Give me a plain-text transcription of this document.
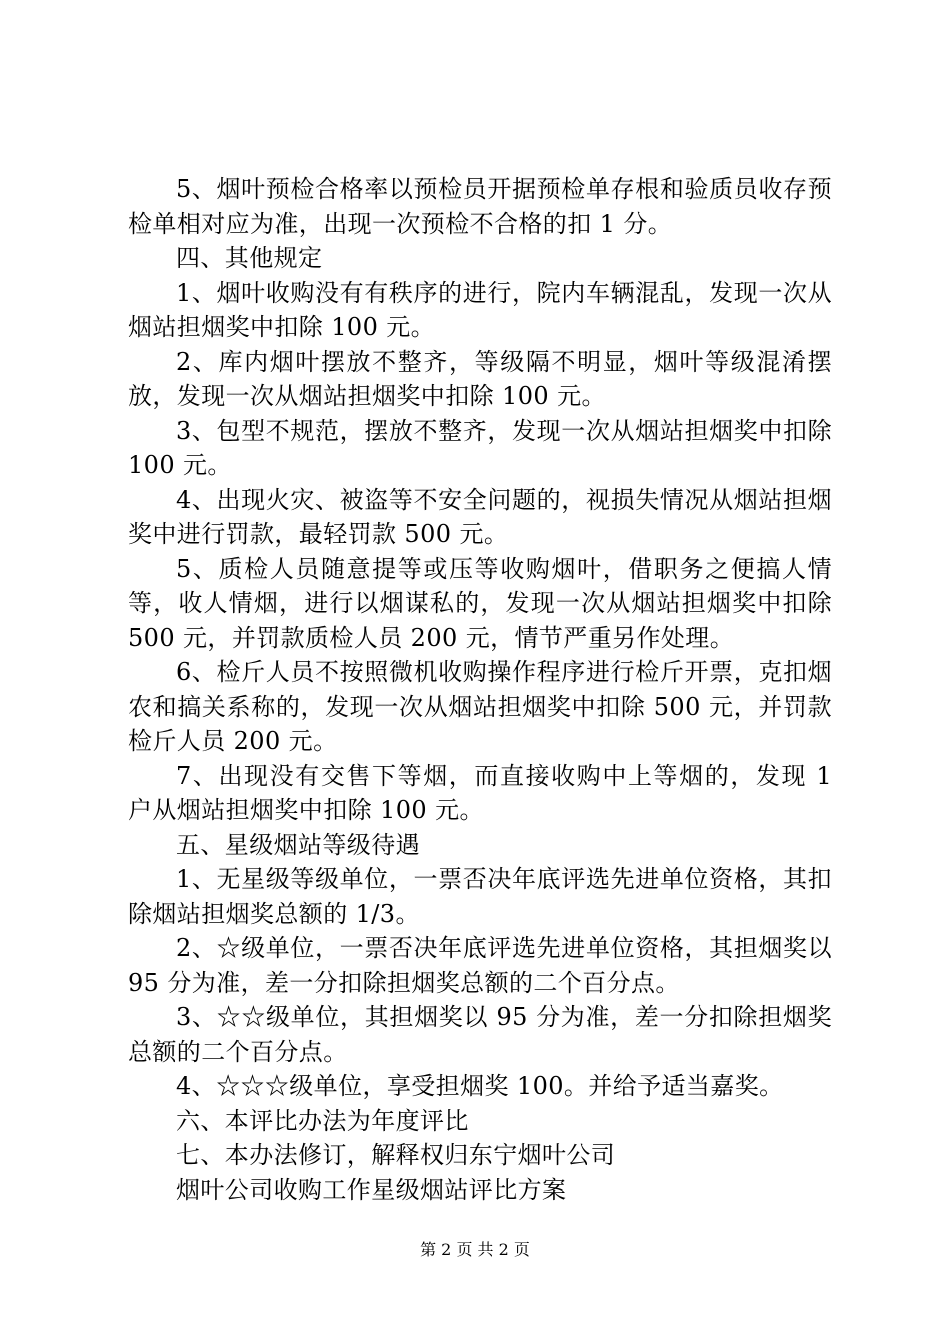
5、烟叶预检合格率以预检员开据预检单存根和验质员收存预检单相对应为准，出现一次预检不合格的扣 1 分。

四、其他规定

1、烟叶收购没有有秩序的进行，院内车辆混乱，发现一次从烟站担烟奖中扣除 100 元。

2、库内烟叶摆放不整齐，等级隔不明显，烟叶等级混淆摆放，发现一次从烟站担烟奖中扣除 100 元。

3、包型不规范，摆放不整齐，发现一次从烟站担烟奖中扣除 100 元。

4、出现火灾、被盗等不安全问题的，视损失情况从烟站担烟奖中进行罚款，最轻罚款 500 元。

5、质检人员随意提等或压等收购烟叶，借职务之便搞人情等，收人情烟，进行以烟谋私的，发现一次从烟站担烟奖中扣除 500 元，并罚款质检人员 200 元，情节严重另作处理。

6、检斤人员不按照微机收购操作程序进行检斤开票，克扣烟农和搞关系称的，发现一次从烟站担烟奖中扣除 500 元，并罚款检斤人员 200 元。

7、出现没有交售下等烟，而直接收购中上等烟的，发现 1 户从烟站担烟奖中扣除 100 元。

五、星级烟站等级待遇

1、无星级等级单位，一票否决年底评选先进单位资格，其扣除烟站担烟奖总额的 1/3。

2、☆级单位，一票否决年底评选先进单位资格，其担烟奖以 95 分为准，差一分扣除担烟奖总额的二个百分点。

3、☆☆级单位，其担烟奖以 95 分为准，差一分扣除担烟奖总额的二个百分点。

4、☆☆☆级单位，享受担烟奖 100。并给予适当嘉奖。

六、本评比办法为年度评比

七、本办法修订，解释权归东宁烟叶公司

烟叶公司收购工作星级烟站评比方案

第 2 页 共 2 页
